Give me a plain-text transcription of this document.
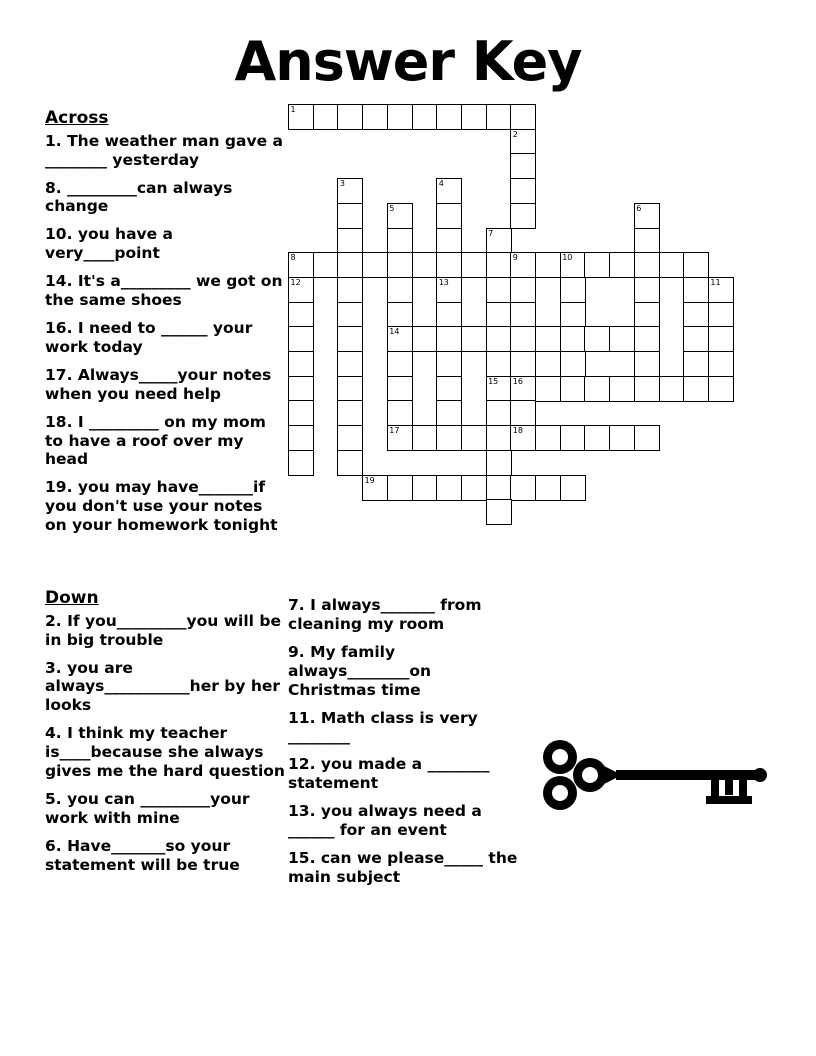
Answer Key
Across
1. The weather man gave a ________ yesterday
8. _________can always change
10. you have a very____point
14. It's a_________ we got on the same shoes
16. I need to ______ your work today
17. Always_____your notes when you need help
18. I _________ on my mom to have a roof over my head
19. you may have_______if you don't use your notes on your homework tonight
Down
2. If you_________you will be in big trouble
3. you are always___________her by her looks
4. I think my teacher is____because she always gives me the hard question
5. you can _________your work with mine
6. Have_______so your statement will be true
7. I always_______ from cleaning my room
9. My family always________on Christmas time
11. Math class is very ________
12. you made a ________ statement
13. you always need a ______ for an event
15. can we please_____ the main subject
1
2
3	4
5	6
7
8	9	10
11
12	13
14
15 16
17	18
19
